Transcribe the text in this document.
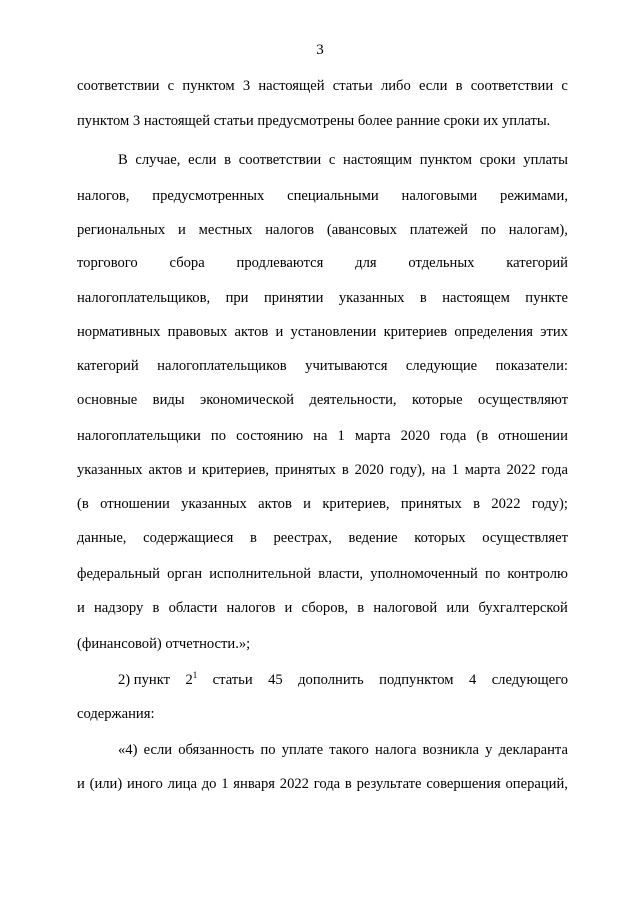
3
соответствии с пунктом 3 настоящей статьи либо если в соответствии с
пунктом 3 настоящей статьи предусмотрены более ранние сроки их уплаты.
В случае, если в соответствии с настоящим пунктом сроки уплаты
налогов, предусмотренных специальными налоговыми режимами,
региональных и местных налогов (авансовых платежей по налогам),
торгового сбора продлеваются для отдельных категорий
налогоплательщиков, при принятии указанных в настоящем пункте
нормативных правовых актов и установлении критериев определения этих
категорий налогоплательщиков учитываются следующие показатели:
основные виды экономической деятельности, которые осуществляют
налогоплательщики по состоянию на 1 марта 2020 года (в отношении
указанных актов и критериев, принятых в 2020 году), на 1 марта 2022 года
(в отношении указанных актов и критериев, принятых в 2022 году);
данные, содержащиеся в реестрах, ведение которых осуществляет
федеральный орган исполнительной власти, уполномоченный по контролю
и надзору в области налогов и сборов, в налоговой или бухгалтерской
(финансовой) отчетности.»;
2) пункт $2^1$ статьи 45 дополнить подпунктом 4 следующего
содержания:
«4) если обязанность по уплате такого налога возникла у декларанта
и (или) иного лица до 1 января 2022 года в результате совершения операций,
